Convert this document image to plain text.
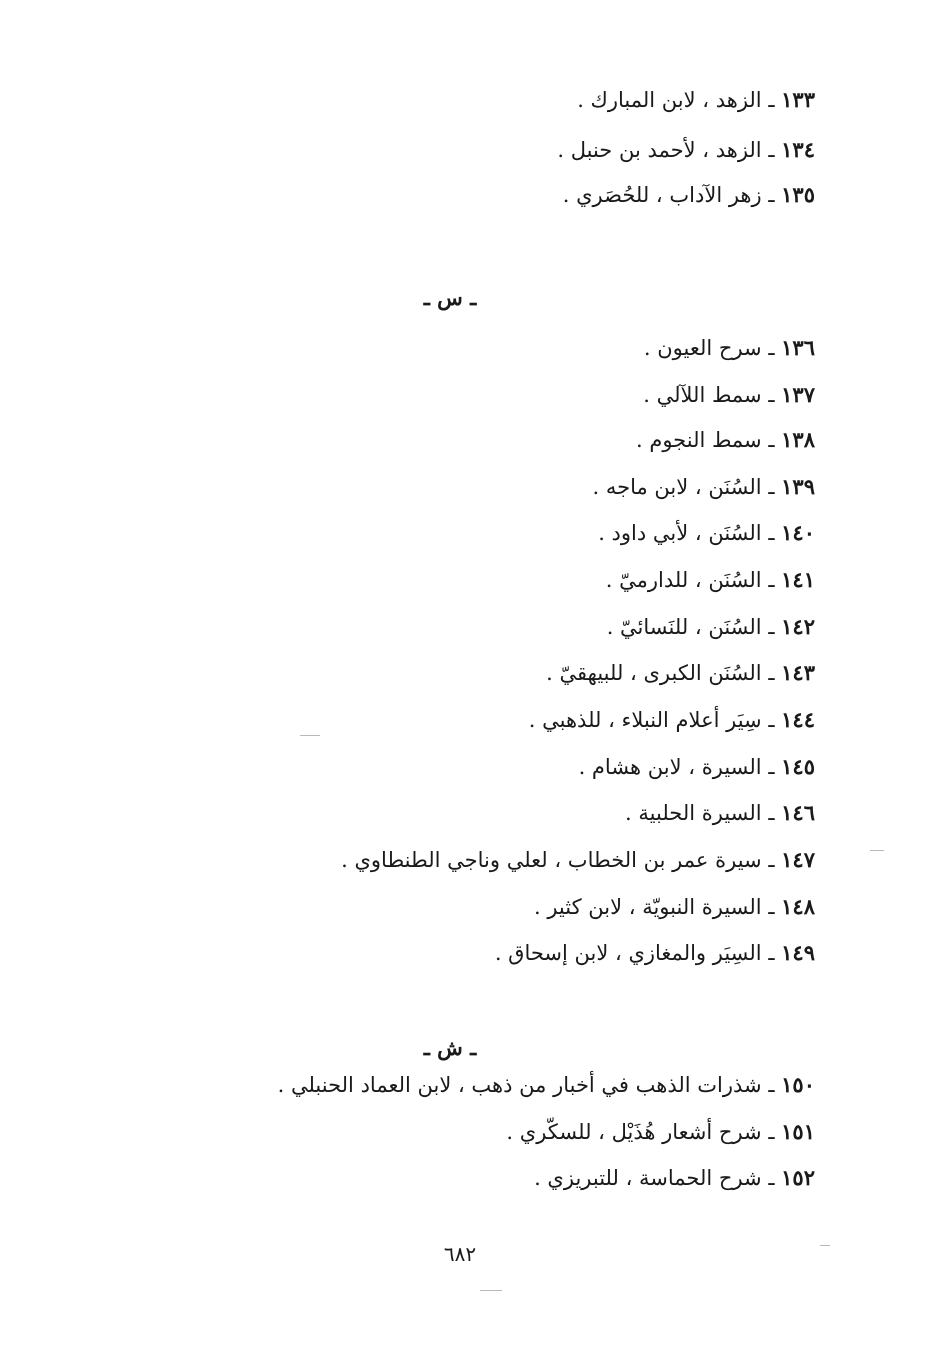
١٣٣ ـ الزهد ، لابن المبارك .
١٣٤ ـ الزهد ، لأحمد بن حنبل .
١٣٥ ـ زهر الآداب ، للحُصَري .
ـ س ـ
١٣٦ ـ سرح العيون .
١٣٧ ـ سمط اللآلي .
١٣٨ ـ سمط النجوم .
١٣٩ ـ السُنَن ، لابن ماجه .
١٤٠ ـ السُنَن ، لأبي داود .
١٤١ ـ السُنَن ، للدارميّ .
١٤٢ ـ السُنَن ، للنَسائيّ .
١٤٣ ـ السُنَن الكبرى ، للبيهقيّ .
١٤٤ ـ سِيَر أعلام النبلاء ، للذهبي .
١٤٥ ـ السيرة ، لابن هشام .
١٤٦ ـ السيرة الحلبية .
١٤٧ ـ سيرة عمر بن الخطاب ، لعلي وناجي الطنطاوي .
١٤٨ ـ السيرة النبويّة ، لابن كثير .
١٤٩ ـ السِيَر والمغازي ، لابن إسحاق .
ـ ش ـ
١٥٠ ـ شذرات الذهب في أخبار من ذهب ، لابن العماد الحنبلي .
١٥١ ـ شرح أشعار هُذَيْل ، للسكّري .
١٥٢ ـ شرح الحماسة ، للتبريزي .
٦٨٢
